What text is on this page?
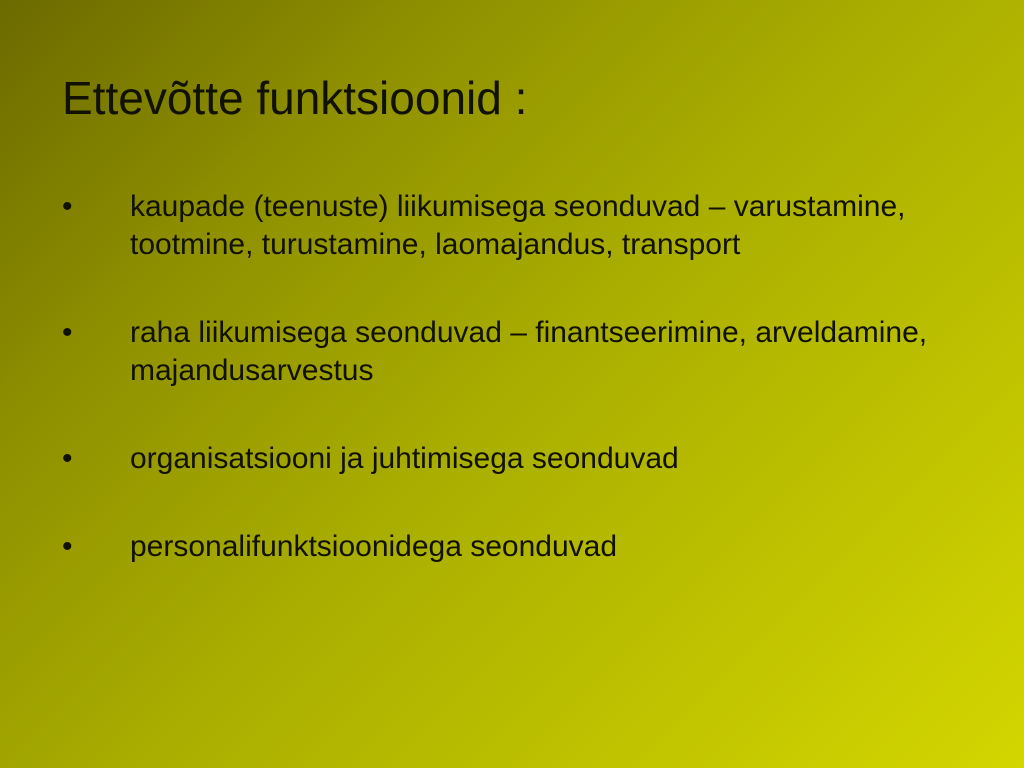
Ettevõtte funktsioonid :
• kaupade (teenuste) liikumisega seonduvad – varustamine, tootmine, turustamine, laomajandus, transport
• raha liikumisega seonduvad – finantseerimine, arveldamine, majandusarvestus
• organisatsiooni ja juhtimisega seonduvad
• personalifunktsioonidega seonduvad
